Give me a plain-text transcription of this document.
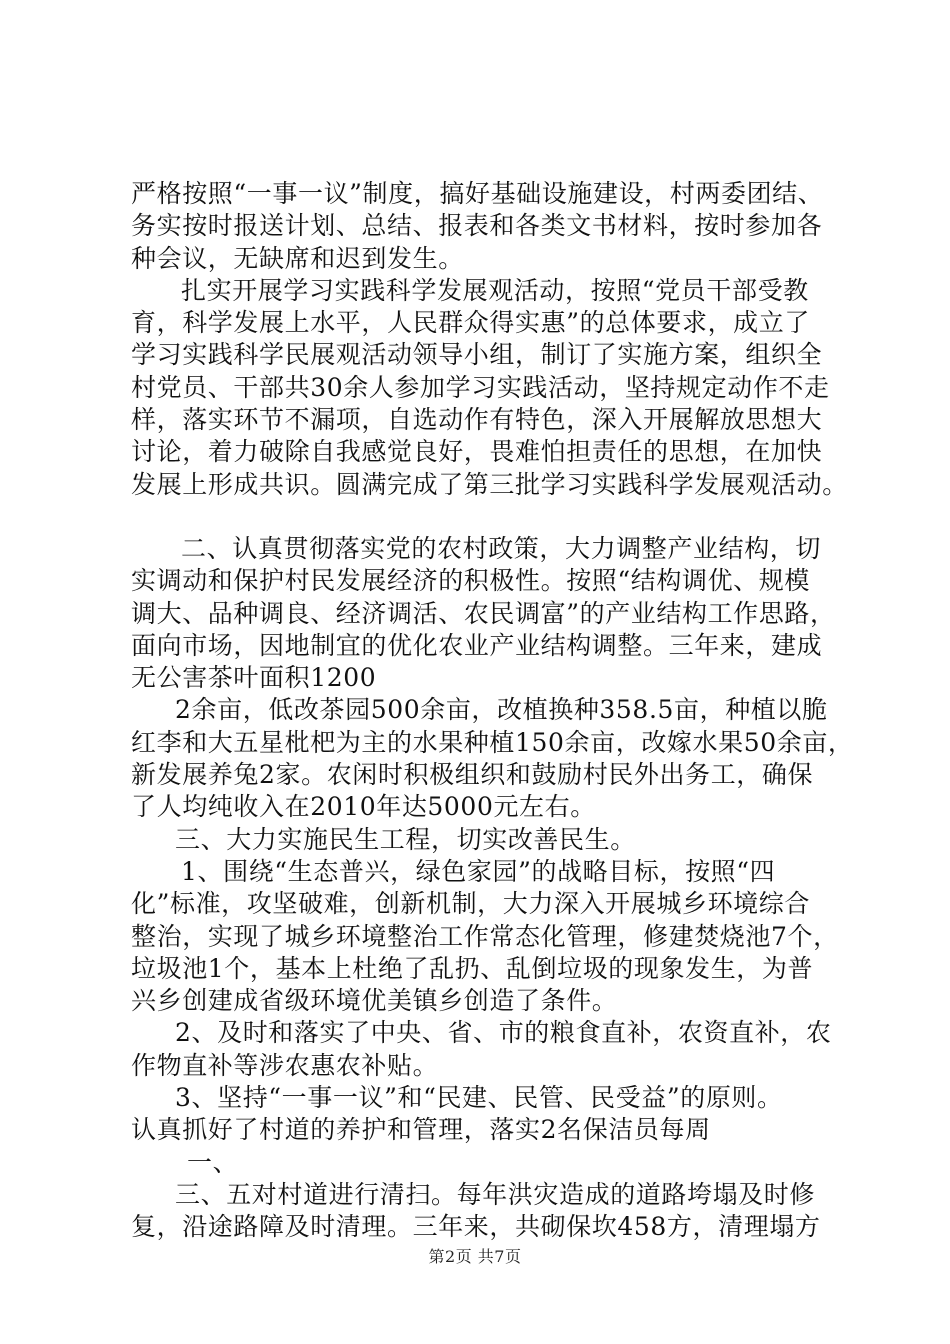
严格按照“一事一议”制度，搞好基础设施建设，村两委团结、
务实按时报送计划、总结、报表和各类文书材料，按时参加各
种会议，无缺席和迟到发生。
扎实开展学习实践科学发展观活动，按照“党员干部受教
育，科学发展上水平，人民群众得实惠”的总体要求，成立了
学习实践科学民展观活动领导小组，制订了实施方案，组织全
村党员、干部共30余人参加学习实践活动，坚持规定动作不走
样，落实环节不漏项，自选动作有特色，深入开展解放思想大
讨论，着力破除自我感觉良好，畏难怕担责任的思想，在加快
发展上形成共识。圆满完成了第三批学习实践科学发展观活动。
二、认真贯彻落实党的农村政策，大力调整产业结构，切
实调动和保护村民发展经济的积极性。按照“结构调优、规模
调大、品种调良、经济调活、农民调富”的产业结构工作思路，
面向市场，因地制宜的优化农业产业结构调整。三年来，建成
无公害茶叶面积1200
2余亩，低改茶园500余亩，改植换种358.5亩，种植以脆
红李和大五星枇杷为主的水果种植150余亩，改嫁水果50余亩，
新发展养兔2家。农闲时积极组织和鼓励村民外出务工，确保
了人均纯收入在2010年达5000元左右。
三、大力实施民生工程，切实改善民生。
1、围绕“生态普兴，绿色家园”的战略目标，按照“四
化”标准，攻坚破难，创新机制，大力深入开展城乡环境综合
整治，实现了城乡环境整治工作常态化管理，修建焚烧池7个，
垃圾池1个，基本上杜绝了乱扔、乱倒垃圾的现象发生，为普
兴乡创建成省级环境优美镇乡创造了条件。
2、及时和落实了中央、省、市的粮食直补，农资直补，农
作物直补等涉农惠农补贴。
3、坚持“一事一议”和“民建、民管、民受益”的原则。
认真抓好了村道的养护和管理，落实2名保洁员每周
一、
三、五对村道进行清扫。每年洪灾造成的道路垮塌及时修
复，沿途路障及时清理。三年来，共砌保坎458方，清理塌方
第2页 共7页
